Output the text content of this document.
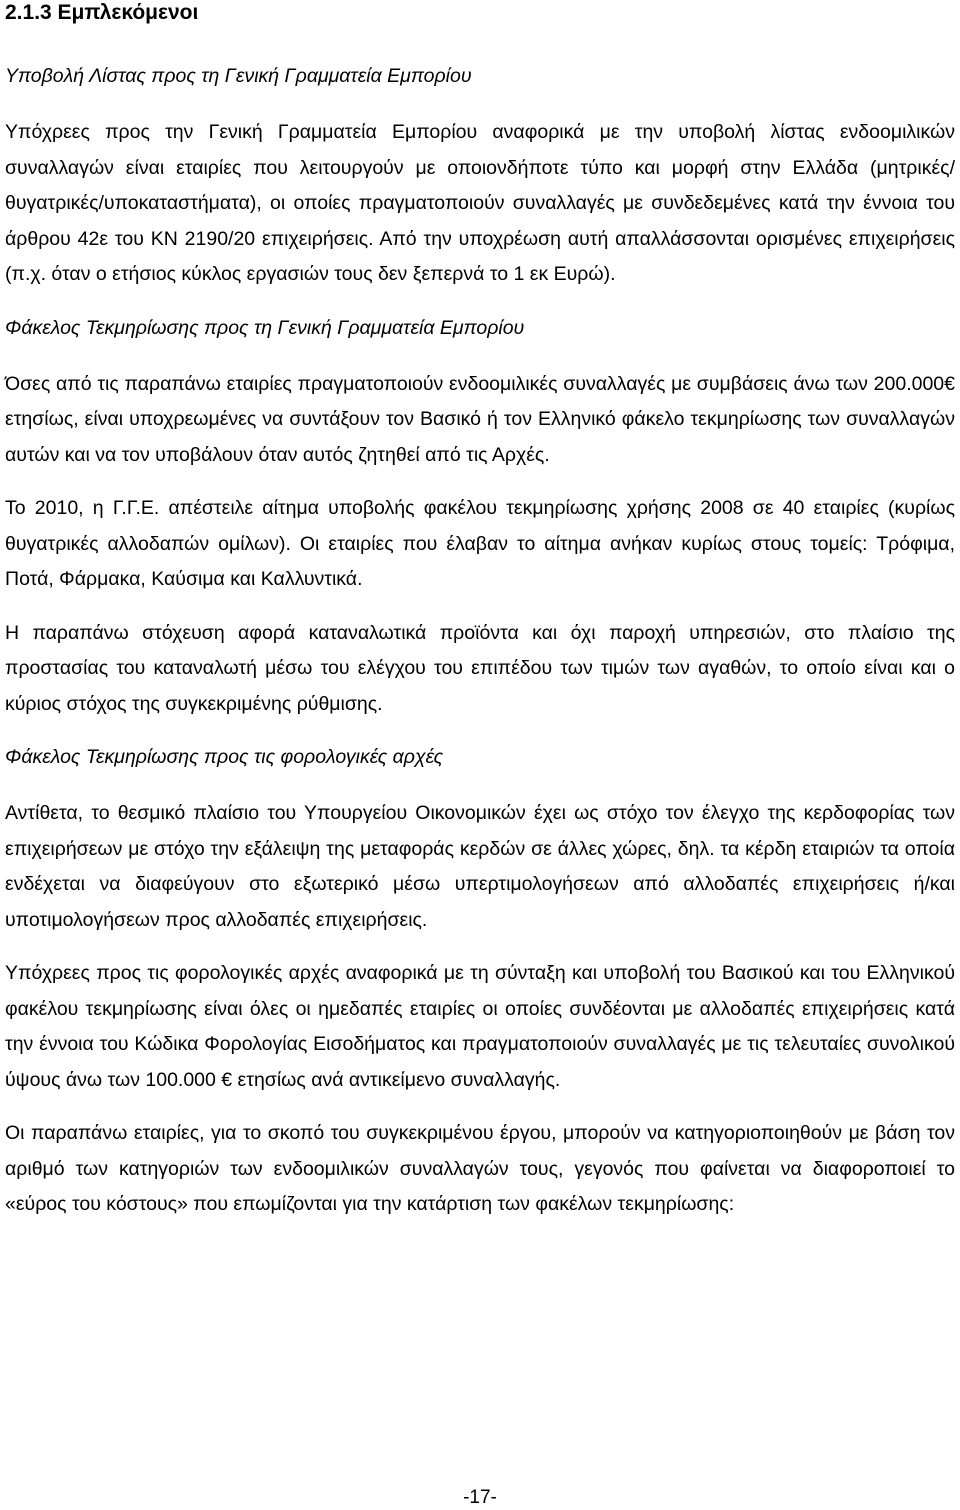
2.1.3 Εμπλεκόμενοι

Υποβολή Λίστας προς τη Γενική Γραμματεία Εμπορίου

Υπόχρεες προς την Γενική Γραμματεία Εμπορίου αναφορικά με την υποβολή λίστας ενδοομιλικών συναλλαγών είναι εταιρίες που λειτουργούν με οποιονδήποτε τύπο και μορφή στην Ελλάδα (μητρικές/θυγατρικές/υποκαταστήματα), οι οποίες πραγματοποιούν συναλλαγές με συνδεδεμένες κατά την έννοια του άρθρου 42ε του ΚΝ 2190/20 επιχειρήσεις. Από την υποχρέωση αυτή απαλλάσσονται ορισμένες επιχειρήσεις (π.χ. όταν ο ετήσιος κύκλος εργασιών τους δεν ξεπερνά το 1 εκ Ευρώ).

Φάκελος Τεκμηρίωσης προς τη Γενική Γραμματεία Εμπορίου

Όσες από τις παραπάνω εταιρίες πραγματοποιούν ενδοομιλικές συναλλαγές με συμβάσεις άνω των 200.000€ ετησίως, είναι υποχρεωμένες να συντάξουν τον Βασικό ή τον Ελληνικό φάκελο τεκμηρίωσης των συναλλαγών αυτών και να τον υποβάλουν όταν αυτός ζητηθεί από τις Αρχές.

Το 2010, η Γ.Γ.Ε. απέστειλε αίτημα υποβολής φακέλου τεκμηρίωσης χρήσης 2008 σε 40 εταιρίες (κυρίως θυγατρικές αλλοδαπών ομίλων). Οι εταιρίες που έλαβαν το αίτημα ανήκαν κυρίως στους τομείς: Τρόφιμα, Ποτά, Φάρμακα, Καύσιμα και Καλλυντικά.

Η παραπάνω στόχευση αφορά καταναλωτικά προϊόντα και όχι παροχή υπηρεσιών, στο πλαίσιο της προστασίας του καταναλωτή μέσω του ελέγχου του επιπέδου των τιμών των αγαθών, το οποίο είναι και ο κύριος στόχος της συγκεκριμένης ρύθμισης.

Φάκελος Τεκμηρίωσης προς τις φορολογικές αρχές

Αντίθετα, το θεσμικό πλαίσιο του Υπουργείου Οικονομικών έχει ως στόχο τον έλεγχο της κερδοφορίας των επιχειρήσεων με στόχο την εξάλειψη της μεταφοράς κερδών σε άλλες χώρες, δηλ. τα κέρδη εταιριών τα οποία ενδέχεται να διαφεύγουν στο εξωτερικό μέσω υπερτιμολογήσεων από αλλοδαπές επιχειρήσεις ή/και υποτιμολογήσεων προς αλλοδαπές επιχειρήσεις.

Υπόχρεες προς τις φορολογικές αρχές αναφορικά με τη σύνταξη και υποβολή του Βασικού και του Ελληνικού φακέλου τεκμηρίωσης είναι όλες οι ημεδαπές εταιρίες οι οποίες συνδέονται με αλλοδαπές επιχειρήσεις κατά την έννοια του Κώδικα Φορολογίας Εισοδήματος και πραγματοποιούν συναλλαγές με τις τελευταίες συνολικού ύψους άνω των 100.000 € ετησίως ανά αντικείμενο συναλλαγής.

Οι παραπάνω εταιρίες, για το σκοπό του συγκεκριμένου έργου, μπορούν να κατηγοριοποιηθούν με βάση τον αριθμό των κατηγοριών των ενδοομιλικών συναλλαγών τους, γεγονός που φαίνεται να διαφοροποιεί το «εύρος του κόστους» που επωμίζονται για την κατάρτιση των φακέλων τεκμηρίωσης:

-17-
